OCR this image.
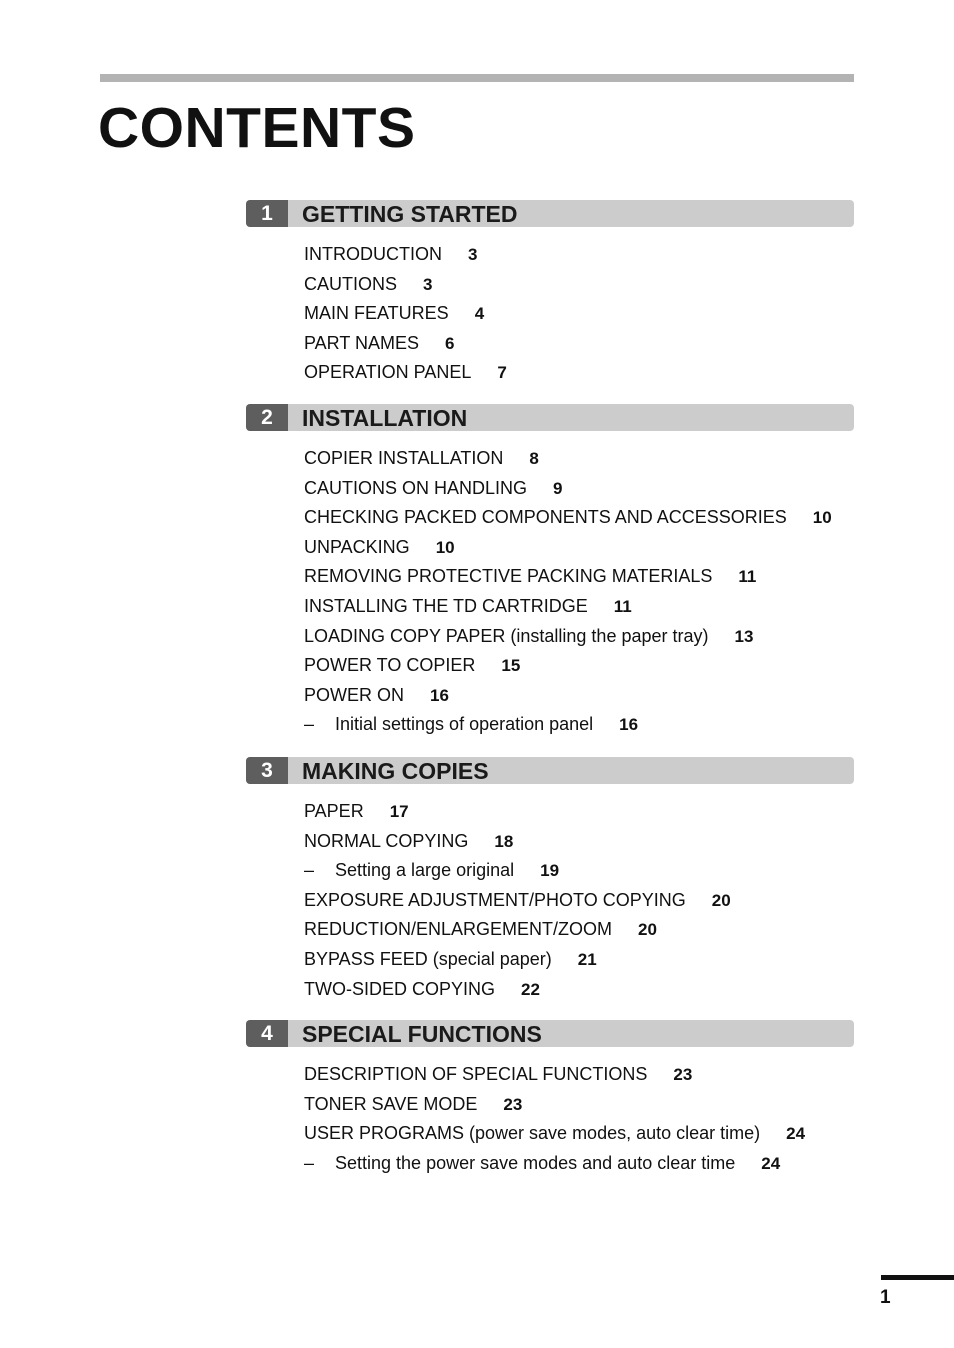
CONTENTS
1	GETTING STARTED
INTRODUCTION 3
CAUTIONS 3
MAIN FEATURES 4
PART NAMES 6
OPERATION PANEL 7
2	INSTALLATION
COPIER INSTALLATION 8
CAUTIONS ON HANDLING 9
CHECKING PACKED COMPONENTS AND ACCESSORIES 10
UNPACKING 10
REMOVING PROTECTIVE PACKING MATERIALS 11
INSTALLING THE TD CARTRIDGE 11
LOADING COPY PAPER (installing the paper tray) 13
POWER TO COPIER 15
POWER ON 16
– Initial settings of operation panel 16
3	MAKING COPIES
PAPER 17
NORMAL COPYING 18
– Setting a large original 19
EXPOSURE ADJUSTMENT/PHOTO COPYING 20
REDUCTION/ENLARGEMENT/ZOOM 20
BYPASS FEED (special paper) 21
TWO-SIDED COPYING 22
4	SPECIAL FUNCTIONS
DESCRIPTION OF SPECIAL FUNCTIONS 23
TONER SAVE MODE 23
USER PROGRAMS (power save modes, auto clear time) 24
– Setting the power save modes and auto clear time 24
1
